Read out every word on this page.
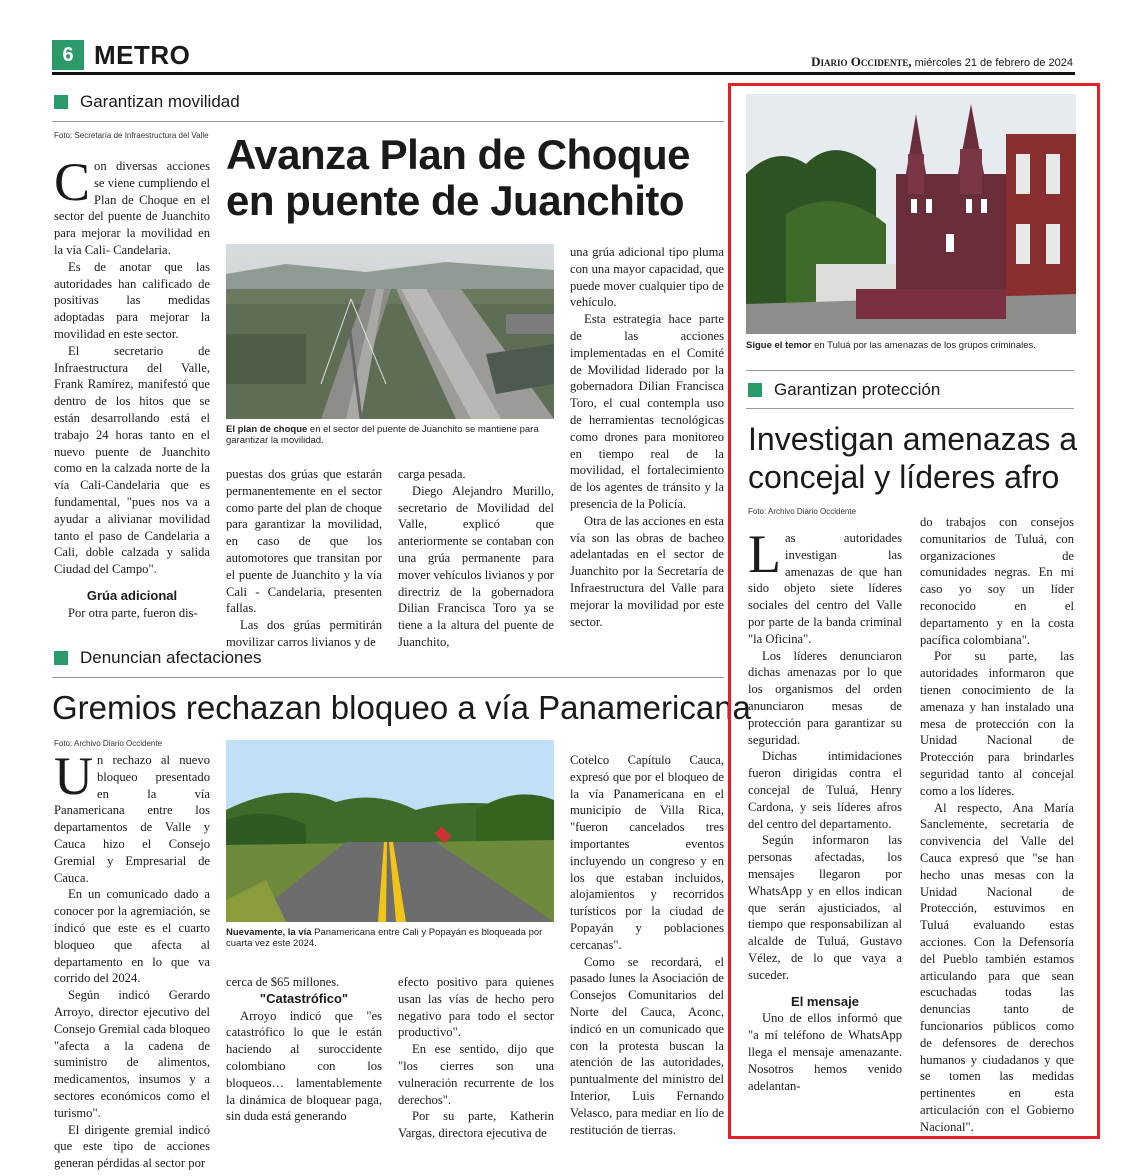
6 METRO	Diario Occidente, miércoles 21 de febrero de 2024
Garantizan movilidad
Foto: Secretaría de Infraestructura del Valle Avanza Plan de Choque en puente de Juanchito

Con diversas acciones se viene cumpliendo el Plan de Choque en el sector del puente de Juanchito para mejorar la movilidad en la vía Cali- Candelaria.

Es de anotar que las autoridades han calificado de positivas las medidas adoptadas para mejorar la movilidad en este sector.

El secretario de Infraestructura del Valle, Frank Ramírez, manifestó que dentro de los hitos que se están desarrollando está el trabajo 24 horas tanto en el nuevo puente de Juanchito como en la calzada norte de la vía Cali-Candelaria que es fundamental, "pues nos va a ayudar a alivianar movilidad tanto el paso de Candelaria a Cali, doble calzada y salida Ciudad del Campo".

Grúa adicional

Por otra parte, fueron dis-

El plan de choque en el sector del puente de Juanchito se mantiene para garantizar la movilidad.

puestas dos grúas que estarán permanentemente en el sector como parte del plan de choque para garantizar la movilidad, en caso de que los automotores que transitan por el puente de Juanchito y la vía Cali - Candelaria, presenten fallas.

Las dos grúas permitirán movilizar carros livianos y de

carga pesada.

Diego Alejandro Murillo, secretario de Movilidad del Valle, explicó que anteriormente se contaban con una grúa permanente para mover vehículos livianos y por directriz de la gobernadora Dilian Francisca Toro ya se tiene a la altura del puente de Juanchito,

una grúa adicional tipo pluma con una mayor capacidad, que puede mover cualquier tipo de vehículo.

Esta estrategia hace parte de las acciones implementadas en el Comité de Movilidad liderado por la gobernadora Dilian Francisca Toro, el cual contempla uso de herramientas tecnológicas como drones para monitoreo en tiempo real de la movilidad, el fortalecimiento de los agentes de tránsito y la presencia de la Policía.

Otra de las acciones en esta vía son las obras de bacheo adelantadas en el sector de Juanchito por la Secretaría de Infraestructura del Valle para mejorar la movilidad por este sector.

Denuncian afectaciones
Gremios rechazan bloqueo a vía Panamericana
Foto: Archivo Diario Occidente

Un rechazo al nuevo bloqueo presentado en la vía Panamericana entre los departamentos de Valle y Cauca hizo el Consejo Gremial y Empresarial de Cauca.

En un comunicado dado a conocer por la agremiación, se indicó que este es el cuarto bloqueo que afecta al departamento en lo que va corrido del 2024.

Según indicó Gerardo Arroyo, director ejecutivo del Consejo Gremial cada bloqueo "afecta a la cadena de suministro de alimentos, medicamentos, insumos y a sectores económicos como el turismo".

El dirigente gremial indicó que este tipo de acciones generan pérdidas al sector por

Nuevamente, la vía Panamericana entre Cali y Popayán es bloqueada por cuarta vez este 2024.

cerca de $65 millones.

"Catastrófico"

Arroyo indicó que "es catastrófico lo que le están haciendo al suroccidente colombiano con los bloqueos… lamentablemente la dinámica de bloquear paga, sin duda está generando

efecto positivo para quienes usan las vías de hecho pero negativo para todo el sector productivo".

En ese sentido, dijo que "los cierres son una vulneración recurrente de los derechos".

Por su parte, Katherin Vargas, directora ejecutiva de

Cotelco Capítulo Cauca, expresó que por el bloqueo de la vía Panamericana en el municipio de Villa Rica, "fueron cancelados tres importantes eventos incluyendo un congreso y en los que estaban incluidos, alojamientos y recorridos turísticos por la ciudad de Popayán y poblaciones cercanas".

Como se recordará, el pasado lunes la Asociación de Consejos Comunitarios del Norte del Cauca, Aconc, indicó en un comunicado que con la protesta buscan la atención de las autoridades, puntualmente del ministro del Interior, Luis Fernando Velasco, para mediar en lío de restitución de tierras.

Sigue el temor en Tuluá por las amenazas de los grupos criminales.
Garantizan protección
Investigan amenazas a concejal y líderes afro
Foto: Archivo Diario Occidente

Las autoridades investigan las amenazas de que han sido objeto siete líderes sociales del centro del Valle por parte de la banda criminal "la Oficina".

Los líderes denunciaron dichas amenazas por lo que los organismos del orden anunciaron mesas de protección para garantizar su seguridad.

Dichas intimidaciones fueron dirigidas contra el concejal de Tuluá, Henry Cardona, y seis líderes afros del centro del departamento.

Según informaron las personas afectadas, los mensajes llegaron por WhatsApp y en ellos indican que serán ajusticiados, al tiempo que responsabilizan al alcalde de Tuluá, Gustavo Vélez, de lo que vaya a suceder.

El mensaje

Uno de ellos informó que "a mí teléfono de WhatsApp llega el mensaje amenazante. Nosotros hemos venido adelantan-

do trabajos con consejos comunitarios de Tuluá, con organizaciones de comunidades negras. En mi caso yo soy un líder reconocido en el departamento y en la costa pacífica colombiana".

Por su parte, las autoridades informaron que tienen conocimiento de la amenaza y han instalado una mesa de protección con la Unidad Nacional de Protección para brindarles seguridad tanto al concejal como a los líderes.

Al respecto, Ana María Sanclemente, secretaria de convivencia del Valle del Cauca expresó que "se han hecho unas mesas con la Unidad Nacional de Protección, estuvimos en Tuluá evaluando estas acciones. Con la Defensoría del Pueblo también estamos articulando para que sean escuchadas todas las denuncias tanto de funcionarios públicos como de defensores de derechos humanos y ciudadanos y que se tomen las medidas pertinentes en esta articulación con el Gobierno Nacional".
